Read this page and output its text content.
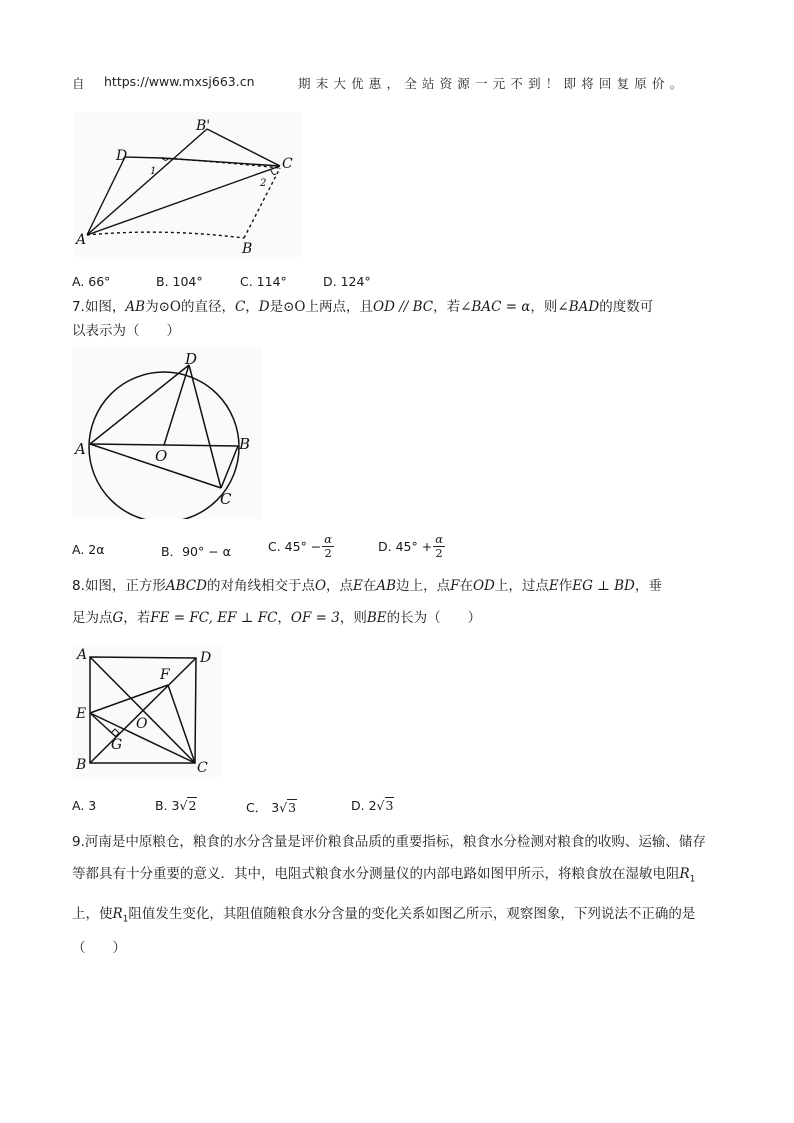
自 https://www.mxsj663.cn	期末大优惠，全站资源一元不到！即将回复原价。
B'
D
1	C
2
A
B
A. 66°	B. 104°	C. 114°	D. 124°
7.如图，AB为⊙O的直径，C，D是⊙O上两点，且OD // BC，若∠BAC = α，则∠BAD的度数可
以表示为（　　）
D
A	B
O
C
A. 2α	B．90° − α	C. $45^\circ - \frac{\alpha}{2}$	D. $45^\circ + \frac{\alpha}{2}$
8.如图，正方形ABCD的对角线相交于点O，点E在AB边上，点F在OD上，过点E作EG ⊥ BD，垂
足为点G，若FE = FC, EF ⊥ FC，OF = 3，则BE的长为（　　）
A	D
F
E
O
G
B	C
A. 3	B. 3√2	C． 3√3	D. 2√3
9.河南是中原粮仓，粮食的水分含量是评价粮食品质的重要指标，粮食水分检测对粮食的收购、运输、储存
等都具有十分重要的意义．其中，电阻式粮食水分测量仪的内部电路如图甲所示，将粮食放在湿敏电阻$R_1$
上，使$R_1$阻值发生变化，其阻值随粮食水分含量的变化关系如图乙所示，观察图象，下列说法不正确的是
（　　）
